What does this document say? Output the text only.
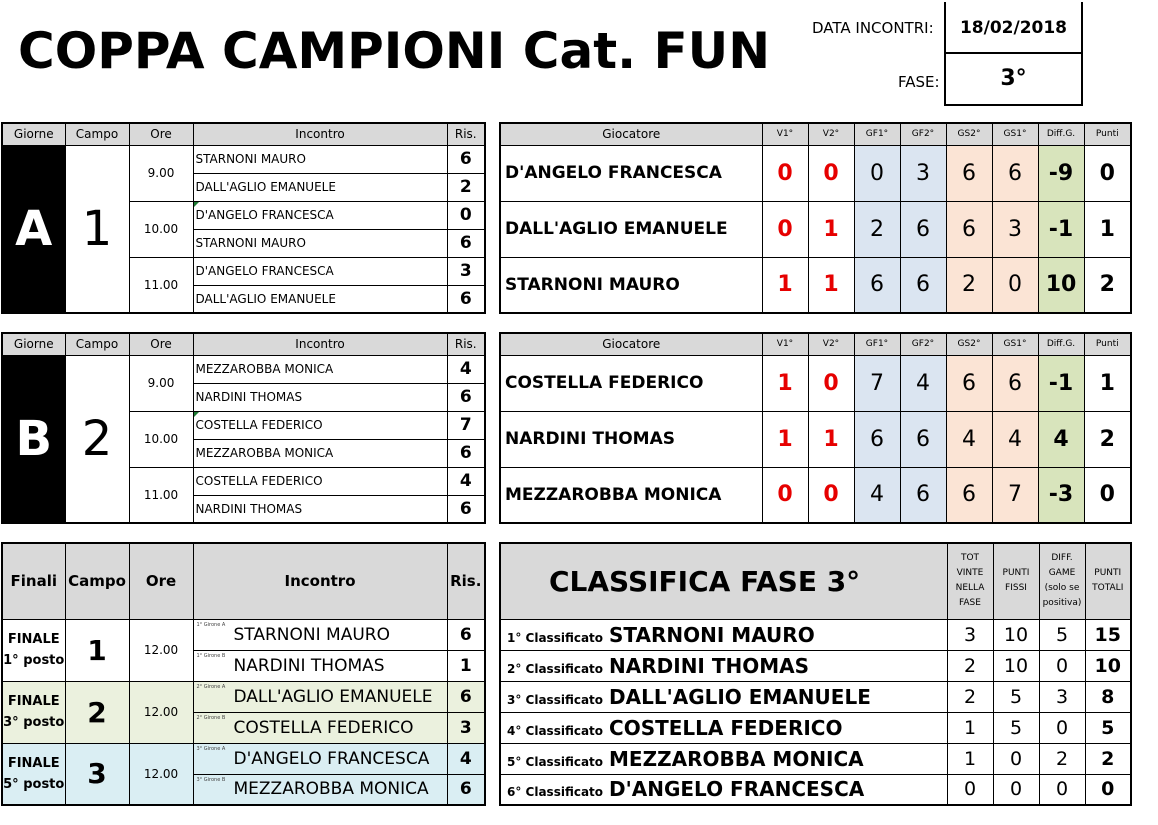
COPPA CAMPIONI Cat. FUN	DATA INCONTRI:
FASE:
18/02/2018
3°
Giorne	Campo	Ore	Incontro	Ris.
A	1	9.00	STARNONI MAURO	6
			DALL'AGLIO EMANUELE	2
		10.00	D'ANGELO FRANCESCA	0
			STARNONI MAURO	6
		11.00	D'ANGELO FRANCESCA	3
			DALL'AGLIO EMANUELE	6
Giocatore	V1°	V2°	GF1°	GF2°	GS2°	GS1°	Diff.G.	Punti
D'ANGELO FRANCESCA	0	0	0	3	6	6	-9	0
DALL'AGLIO EMANUELE	0	1	2	6	6	3	-1	1
STARNONI MAURO	1	1	6	6	2	0	10	2
Giorne	Campo	Ore	Incontro	Ris.
B	2	9.00	MEZZAROBBA MONICA	4
			NARDINI THOMAS	6
		10.00	COSTELLA FEDERICO	7
			MEZZAROBBA MONICA	6
		11.00	COSTELLA FEDERICO	4
			NARDINI THOMAS	6
Giocatore	V1°	V2°	GF1°	GF2°	GS2°	GS1°	Diff.G.	Punti
COSTELLA FEDERICO	1	0	7	4	6	6	-1	1
NARDINI THOMAS	1	1	6	6	4	4	4	2
MEZZAROBBA MONICA	0	0	4	6	6	7	-3	0
Finali	Campo	Ore	Incontro	Ris.
FINALE
1° posto	1	12.00	1° Girone A STARNONI MAURO	6

			1° Girone B NARDINI THOMAS	1
FINALE
3° posto	2	12.00	2° Girone A DALL'AGLIO EMANUELE	6

			2° Girone B COSTELLA FEDERICO	3
FINALE
5° posto	3	12.00	3° Girone A D'ANGELO FRANCESCA	4

			3° Girone B MEZZAROBBA MONICA	6
CLASSIFICA FASE 3°	TOT VINTE NELLA FASE	PUNTI FISSI	DIFF. GAME (solo se positiva)	PUNTI TOTALI
1° Classificato STARNONI MAURO	3	10	5	15
2° Classificato NARDINI THOMAS	2	10	0	10
3° Classificato DALL'AGLIO EMANUELE	2	5	3	8
4° Classificato COSTELLA FEDERICO	1	5	0	5
5° Classificato MEZZAROBBA MONICA	1	0	2	2
6° Classificato D'ANGELO FRANCESCA	0	0	0	0
